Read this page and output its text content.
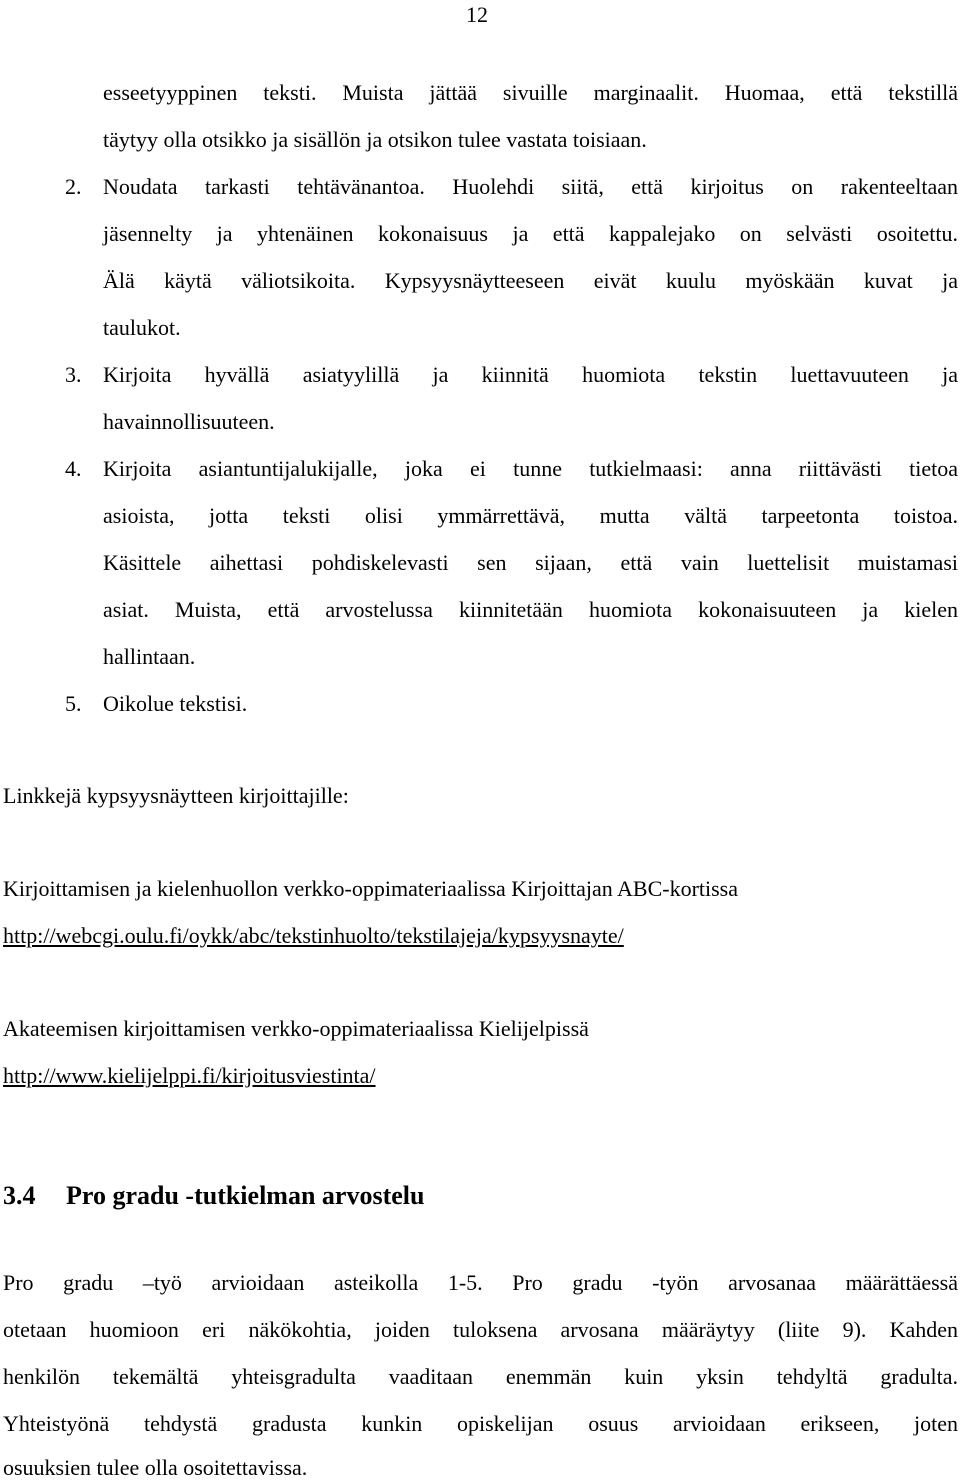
12
esseetyyppinen teksti. Muista jättää sivuille marginaalit. Huomaa, että tekstillä
täytyy olla otsikko ja sisällön ja otsikon tulee vastata toisiaan.
2. Noudata tarkasti tehtävänantoa. Huolehdi siitä, että kirjoitus on rakenteeltaan
jäsennelty ja yhtenäinen kokonaisuus ja että kappalejako on selvästi osoitettu.
Älä käytä väliotsikoita. Kypsyysnäytteeseen eivät kuulu myöskään kuvat ja
taulukot.
3. Kirjoita hyvällä asiatyylillä ja kiinnitä huomiota tekstin luettavuuteen ja
havainnollisuuteen.
4. Kirjoita asiantuntijalukijalle, joka ei tunne tutkielmaasi: anna riittävästi tietoa
asioista, jotta teksti olisi ymmärrettävä, mutta vältä tarpeetonta toistoa.
Käsittele aihettasi pohdiskelevasti sen sijaan, että vain luettelisit muistamasi
asiat. Muista, että arvostelussa kiinnitetään huomiota kokonaisuuteen ja kielen
hallintaan.
5. Oikolue tekstisi.
Linkkejä kypsyysnäytteen kirjoittajille:
Kirjoittamisen ja kielenhuollon verkko-oppimateriaalissa Kirjoittajan ABC-kortissa
http://webcgi.oulu.fi/oykk/abc/tekstinhuolto/tekstilajeja/kypsyysnayte/
Akateemisen kirjoittamisen verkko-oppimateriaalissa Kielijelpissä
http://www.kielijelppi.fi/kirjoitusviestinta/
3.4 Pro gradu -tutkielman arvostelu
Pro gradu –työ arvioidaan asteikolla 1-5. Pro gradu -työn arvosanaa määrättäessä
otetaan huomioon eri näkökohtia, joiden tuloksena arvosana määräytyy (liite 9). Kahden
henkilön tekemältä yhteisgradulta vaaditaan enemmän kuin yksin tehdyltä gradulta.
Yhteistyönä tehdystä gradusta kunkin opiskelijan osuus arvioidaan erikseen, joten
osuuksien tulee olla osoitettavissa.
